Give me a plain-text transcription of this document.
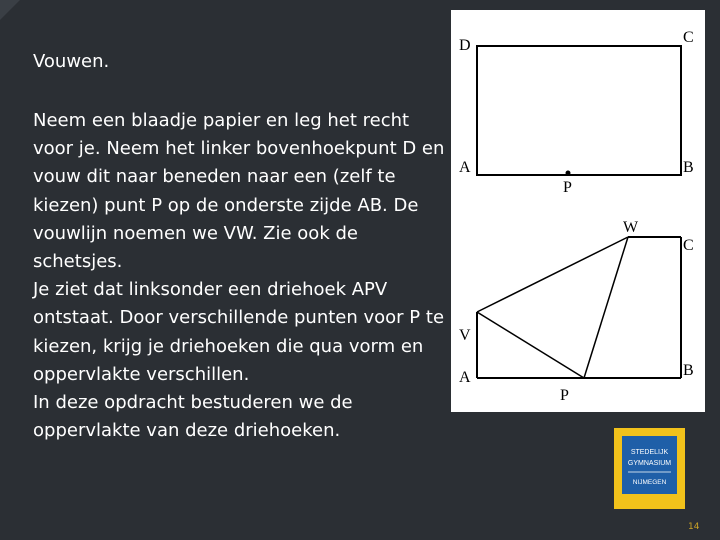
Vouwen.

Neem een blaadje papier en leg het recht voor je. Neem het linker bovenhoekpunt D en vouw dit naar beneden naar een (zelf te kiezen) punt P op de onderste zijde AB. De vouwlijn noemen we VW. Zie ook de schetsjes.

Je ziet dat linksonder een driehoek APV ontstaat. Door verschillende punten voor P te kiezen, krijg je driehoeken die qua vorm en oppervlakte verschillen.

In deze opdracht bestuderen we de oppervlakte van deze driehoeken.

D	C
A	B
P
W
C
V
A	B
P
STEDELIJK
GYMNASIUM
NIJMEGEN
14
